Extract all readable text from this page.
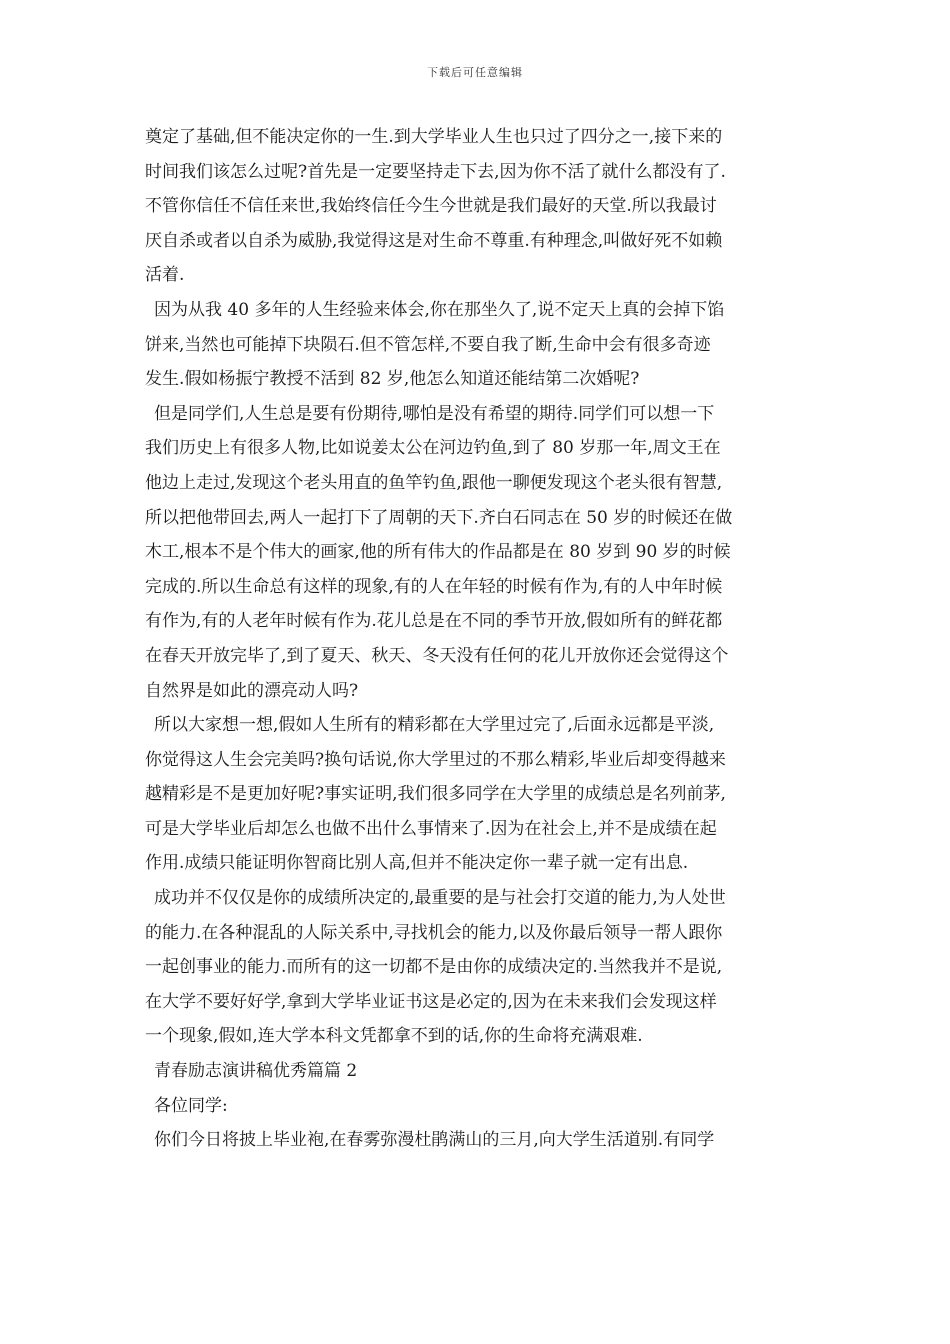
下载后可任意编辑
奠定了基础,但不能决定你的一生.到大学毕业人生也只过了四分之一,接下来的
时间我们该怎么过呢?首先是一定要坚持走下去,因为你不活了就什么都没有了.
不管你信任不信任来世,我始终信任今生今世就是我们最好的天堂.所以我最讨
厌自杀或者以自杀为威胁,我觉得这是对生命不尊重.有种理念,叫做好死不如赖
活着.
因为从我 40 多年的人生经验来体会,你在那坐久了,说不定天上真的会掉下馅
饼来,当然也可能掉下块陨石.但不管怎样,不要自我了断,生命中会有很多奇迹
发生.假如杨振宁教授不活到 82 岁,他怎么知道还能结第二次婚呢?
但是同学们,人生总是要有份期待,哪怕是没有希望的期待.同学们可以想一下
我们历史上有很多人物,比如说姜太公在河边钓鱼,到了 80 岁那一年,周文王在
他边上走过,发现这个老头用直的鱼竿钓鱼,跟他一聊便发现这个老头很有智慧,
所以把他带回去,两人一起打下了周朝的天下.齐白石同志在 50 岁的时候还在做
木工,根本不是个伟大的画家,他的所有伟大的作品都是在 80 岁到 90 岁的时候
完成的.所以生命总有这样的现象,有的人在年轻的时候有作为,有的人中年时候
有作为,有的人老年时候有作为.花儿总是在不同的季节开放,假如所有的鲜花都
在春天开放完毕了,到了夏天、秋天、冬天没有任何的花儿开放你还会觉得这个
自然界是如此的漂亮动人吗?
所以大家想一想,假如人生所有的精彩都在大学里过完了,后面永远都是平淡,
你觉得这人生会完美吗?换句话说,你大学里过的不那么精彩,毕业后却变得越来
越精彩是不是更加好呢?事实证明,我们很多同学在大学里的成绩总是名列前茅,
可是大学毕业后却怎么也做不出什么事情来了.因为在社会上,并不是成绩在起
作用.成绩只能证明你智商比别人高,但并不能决定你一辈子就一定有出息.
成功并不仅仅是你的成绩所决定的,最重要的是与社会打交道的能力,为人处世
的能力.在各种混乱的人际关系中,寻找机会的能力,以及你最后领导一帮人跟你
一起创事业的能力.而所有的这一切都不是由你的成绩决定的.当然我并不是说,
在大学不要好好学,拿到大学毕业证书这是必定的,因为在未来我们会发现这样
一个现象,假如,连大学本科文凭都拿不到的话,你的生命将充满艰难.
青春励志演讲稿优秀篇篇 2
各位同学:
你们今日将披上毕业袍,在春雾弥漫杜鹃满山的三月,向大学生活道别.有同学
